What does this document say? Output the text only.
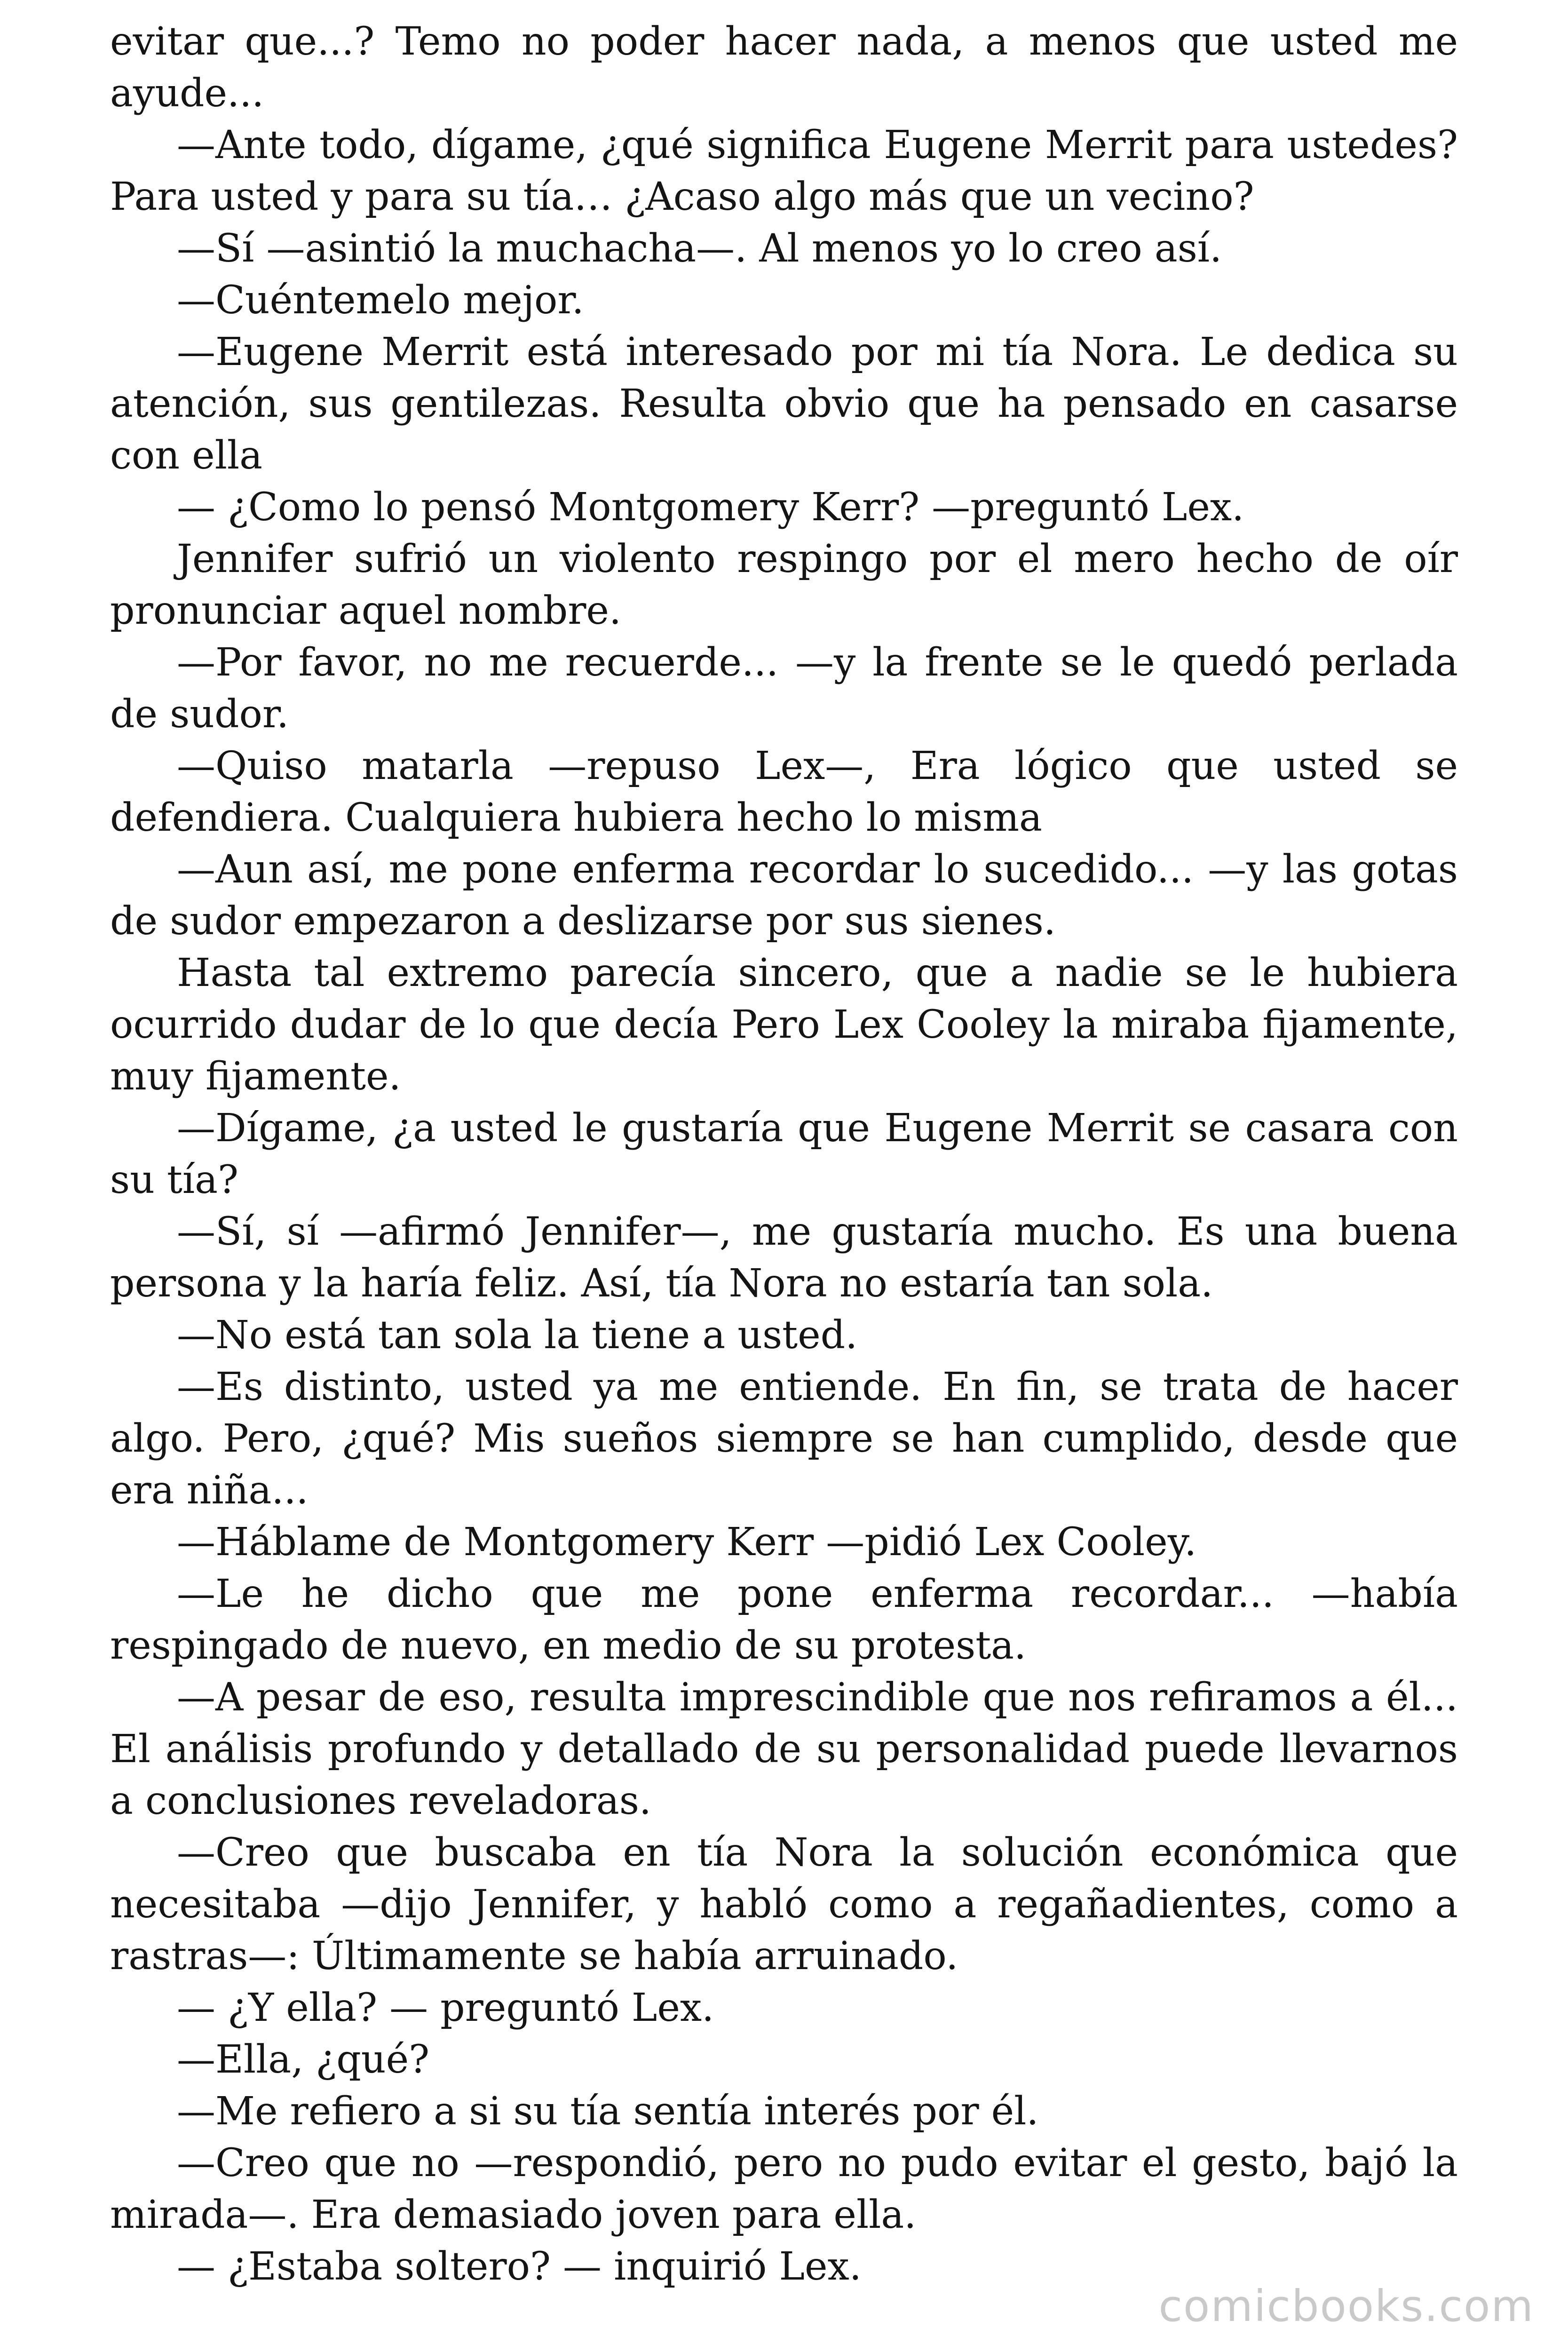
evitar que...? Temo no poder hacer nada, a menos que usted me ayude...

—Ante todo, dígame, ¿qué significa Eugene Merrit para ustedes? Para usted y para su tía… ¿Acaso algo más que un vecino?

—Sí —asintió la muchacha—. Al menos yo lo creo así.

—Cuéntemelo mejor.

—Eugene Merrit está interesado por mi tía Nora. Le dedica su atención, sus gentilezas. Resulta obvio que ha pensado en casarse con ella

— ¿Como lo pensó Montgomery Kerr? —preguntó Lex.

Jennifer sufrió un violento respingo por el mero hecho de oír pronunciar aquel nombre.

—Por favor, no me recuerde... —y la frente se le quedó perlada de sudor.

—Quiso matarla —repuso Lex—, Era lógico que usted se defendiera. Cualquiera hubiera hecho lo misma

—Aun así, me pone enferma recordar lo sucedido... —y las gotas de sudor empezaron a deslizarse por sus sienes.

Hasta tal extremo parecía sincero, que a nadie se le hubiera ocurrido dudar de lo que decía Pero Lex Cooley la miraba fijamente, muy fijamente.

—Dígame, ¿a usted le gustaría que Eugene Merrit se casara con su tía?

—Sí, sí —afirmó Jennifer—, me gustaría mucho. Es una buena persona y la haría feliz. Así, tía Nora no estaría tan sola.

—No está tan sola la tiene a usted.

—Es distinto, usted ya me entiende. En fin, se trata de hacer algo. Pero, ¿qué? Mis sueños siempre se han cumplido, desde que era niña...

—Háblame de Montgomery Kerr —pidió Lex Cooley.

—Le he dicho que me pone enferma recordar... —había respingado de nuevo, en medio de su protesta.

—A pesar de eso, resulta imprescindible que nos refiramos a él... El análisis profundo y detallado de su personalidad puede llevarnos a conclusiones reveladoras.

—Creo que buscaba en tía Nora la solución económica que necesitaba —dijo Jennifer, y habló como a regañadientes, como a rastras—: Últimamente se había arruinado.

— ¿Y ella? — preguntó Lex.

—Ella, ¿qué?

—Me refiero a si su tía sentía interés por él.

—Creo que no —respondió, pero no pudo evitar el gesto, bajó la mirada—. Era demasiado joven para ella.

— ¿Estaba soltero? — inquirió Lex.

comicbooks.com
